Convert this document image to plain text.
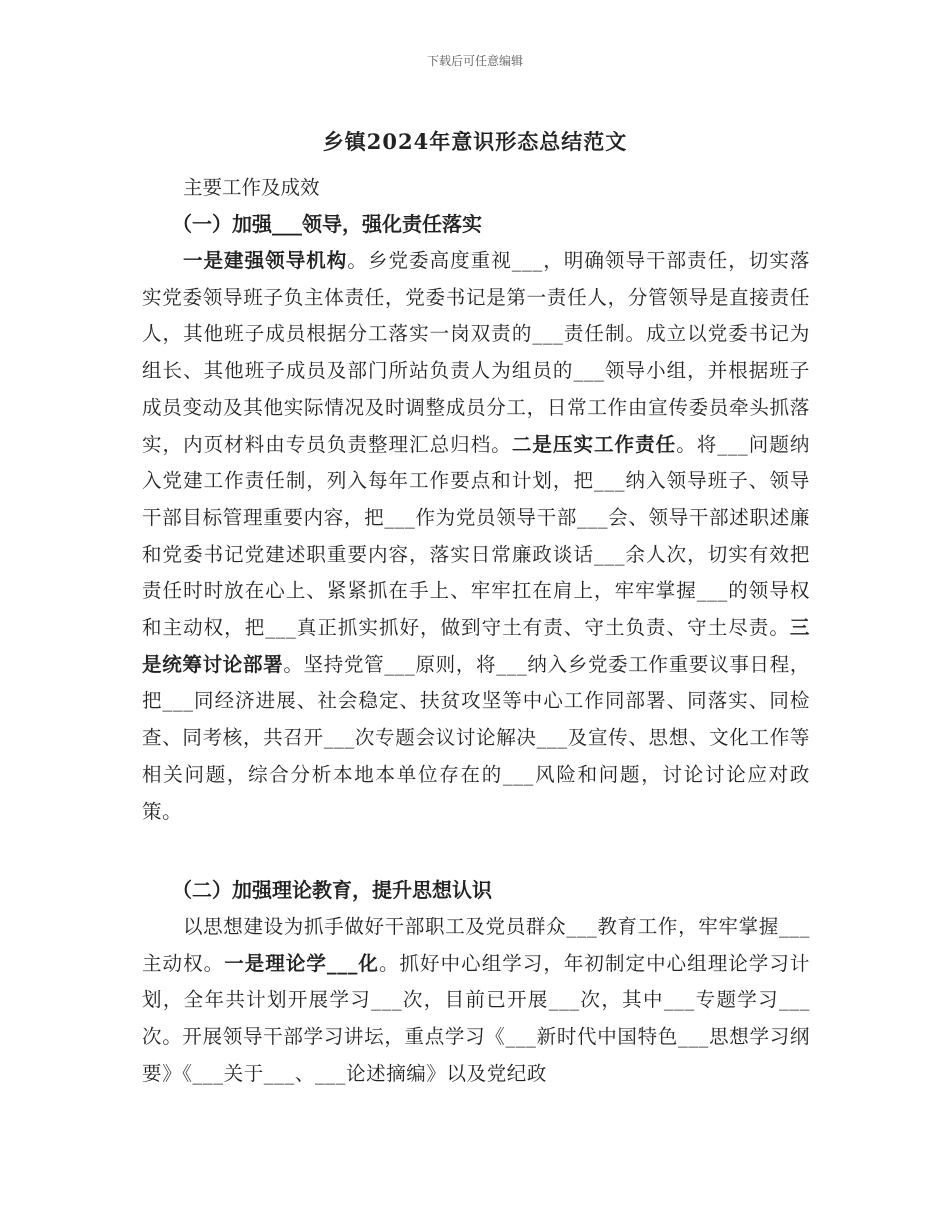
下载后可任意编辑
乡镇2024年意识形态总结范文
主要工作及成效
（一）加强___领导，强化责任落实
一是建强领导机构。乡党委高度重视___，明确领导干部责任，切实落实党委领导班子负主体责任，党委书记是第一责任人，分管领导是直接责任人，其他班子成员根据分工落实一岗双责的___责任制。成立以党委书记为组长、其他班子成员及部门所站负责人为组员的___领导小组，并根据班子成员变动及其他实际情况及时调整成员分工，日常工作由宣传委员牵头抓落实，内页材料由专员负责整理汇总归档。二是压实工作责任。将___问题纳入党建工作责任制，列入每年工作要点和计划，把___纳入领导班子、领导干部目标管理重要内容，把___作为党员领导干部___会、领导干部述职述廉和党委书记党建述职重要内容，落实日常廉政谈话___余人次，切实有效把责任时时放在心上、紧紧抓在手上、牢牢扛在肩上，牢牢掌握___的领导权和主动权，把___真正抓实抓好，做到守土有责、守土负责、守土尽责。三是统筹讨论部署。坚持党管___原则，将___纳入乡党委工作重要议事日程，把___同经济进展、社会稳定、扶贫攻坚等中心工作同部署、同落实、同检查、同考核，共召开___次专题会议讨论解决___及宣传、思想、文化工作等相关问题，综合分析本地本单位存在的___风险和问题，讨论讨论应对政策。
（二）加强理论教育，提升思想认识
以思想建设为抓手做好干部职工及党员群众___教育工作，牢牢掌握___主动权。一是理论学___化。抓好中心组学习，年初制定中心组理论学习计划，全年共计划开展学习___次，目前已开展___次，其中___专题学习___次。开展领导干部学习讲坛，重点学习《___新时代中国特色___思想学习纲要》《___关于___、___论述摘编》以及党纪政
